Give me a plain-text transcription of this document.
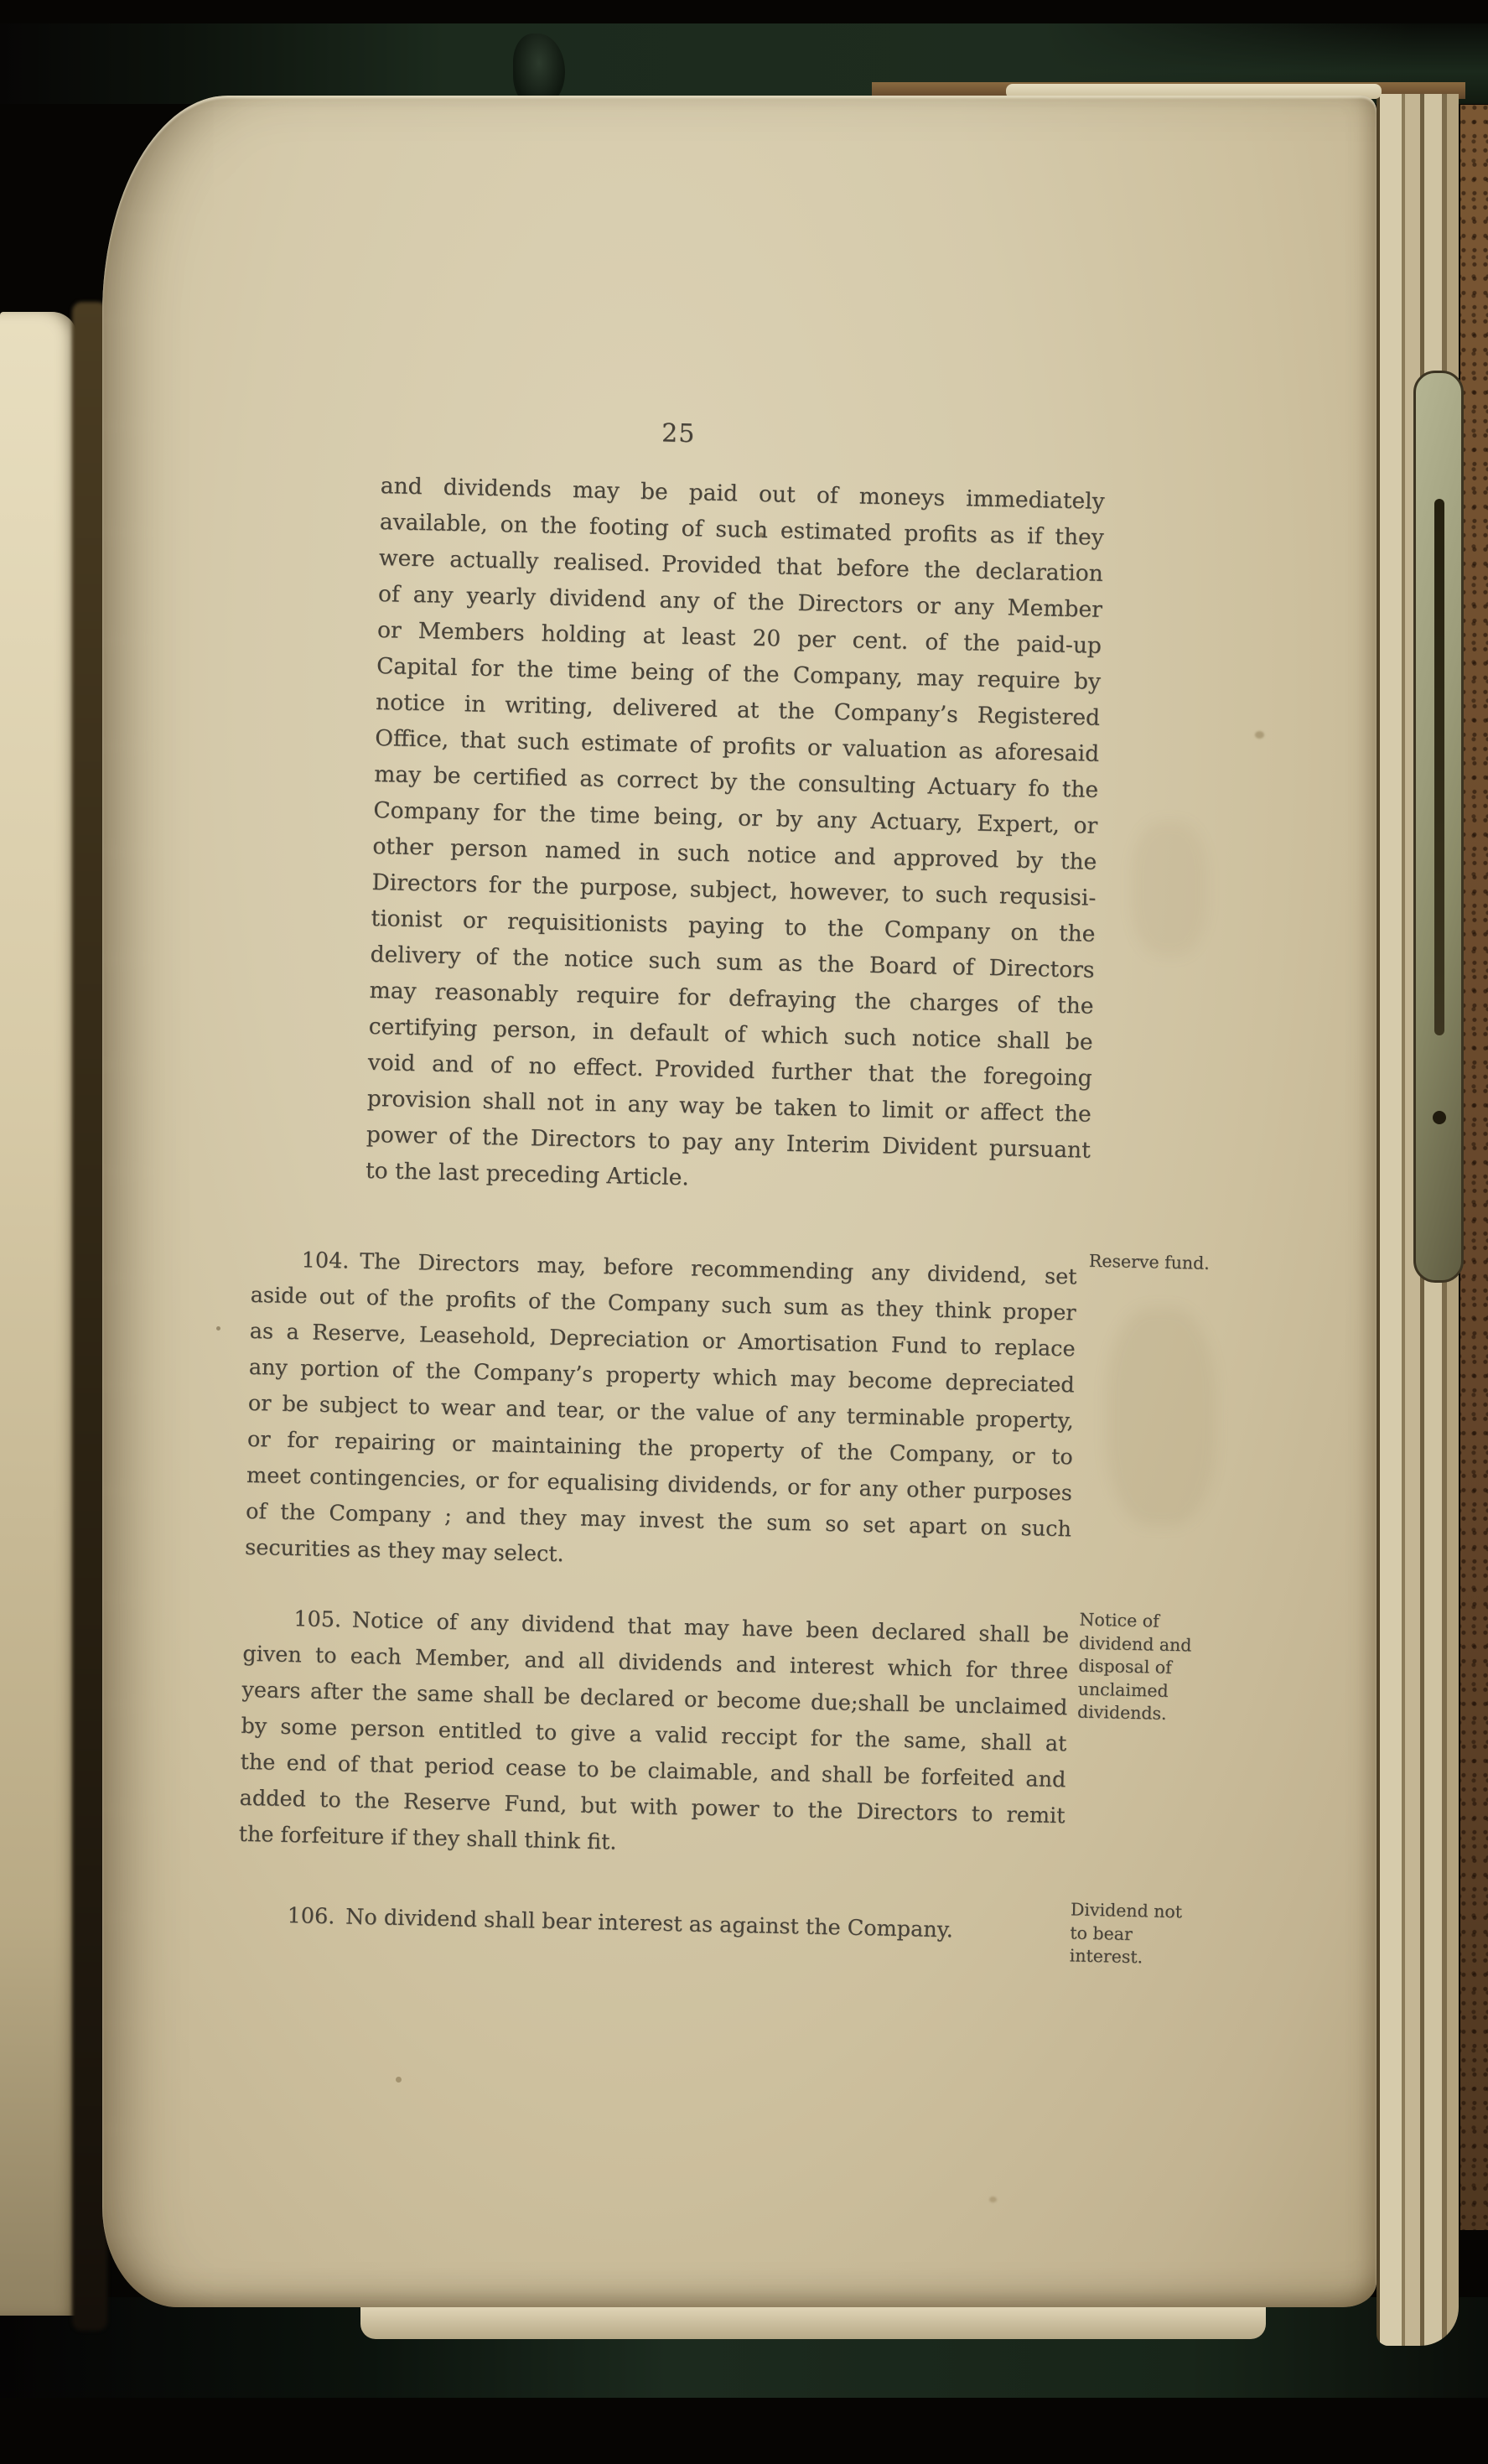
25
and dividends may be paid out of moneys immediately
available, on the footing of such estimated profits as if they
were actually realised. Provided that before the declaration
of any yearly dividend any of the Directors or any Member
or Members holding at least 20 per cent. of the paid-up
Capital for the time being of the Company, may require by
notice in writing, delivered at the Company’s Registered
Office, that such estimate of profits or valuation as aforesaid
may be certified as correct by the consulting Actuary fo the
Company for the time being, or by any Actuary, Expert, or
other person named in such notice and approved by the
Directors for the purpose, subject, however, to such requsisi-
tionist or requisitionists paying to the Company on the
delivery of the notice such sum as the Board of Directors
may reasonably require for defraying the charges of the
certifying person, in default of which such notice shall be
void and of no effect. Provided further that the foregoing
provision shall not in any way be taken to limit or affect the
power of the Directors to pay any Interim Divident pursuant
to the last preceding Article.
104. The Directors may, before recommending any dividend, set
aside out of the profits of the Company such sum as they think proper
as a Reserve, Leasehold, Depreciation or Amortisation Fund to replace
any portion of the Company’s property which may become depreciated
or be subject to wear and tear, or the value of any terminable property,
or for repairing or maintaining the property of the Company, or to
meet contingencies, or for equalising dividends, or for any other purposes
of the Company ; and they may invest the sum so set apart on such
securities as they may select.
Reserve fund.
105. Notice of any dividend that may have been declared shall be
given to each Member, and all dividends and interest which for three
years after the same shall be declared or become due;shall be unclaimed
by some person entitled to give a valid reccipt for the same, shall at
the end of that period cease to be claimable, and shall be forfeited and
added to the Reserve Fund, but with power to the Directors to remit
the forfeiture if they shall think fit.
Notice of
dividend and
disposal of
unclaimed
dividends.
106. No dividend shall bear interest as against the Company.	Dividend not
to bear
interest.
